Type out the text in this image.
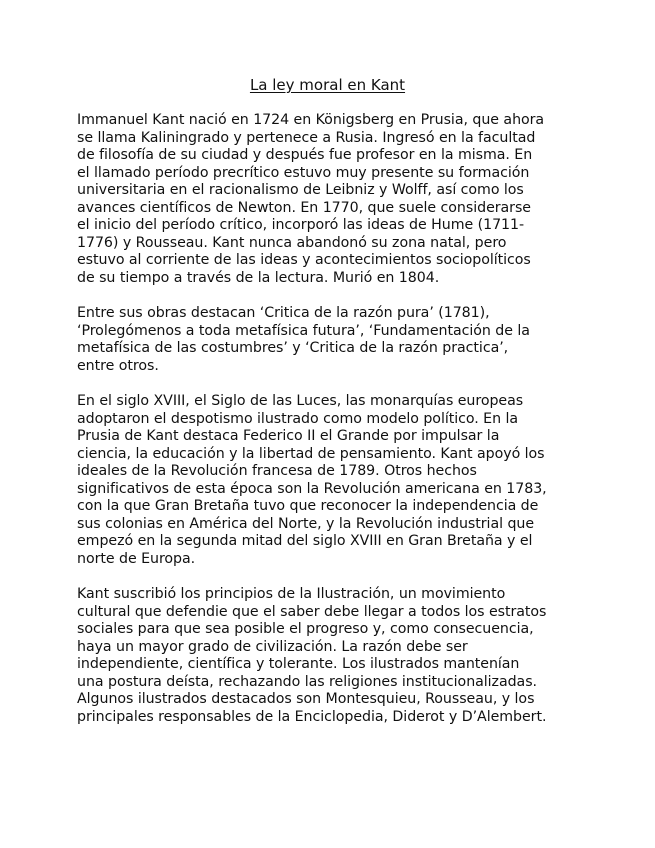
La ley moral en Kant

Immanuel Kant nació en 1724 en Königsberg en Prusia, que ahora
se llama Kaliningrado y pertenece a Rusia. Ingresó en la facultad
de filosofía de su ciudad y después fue profesor en la misma. En
el llamado período precrítico estuvo muy presente su formación
universitaria en el racionalismo de Leibniz y Wolff, así como los
avances científicos de Newton. En 1770, que suele considerarse
el inicio del período crítico, incorporó las ideas de Hume (1711-
1776) y Rousseau. Kant nunca abandonó su zona natal, pero
estuvo al corriente de las ideas y acontecimientos sociopolíticos
de su tiempo a través de la lectura. Murió en 1804.

Entre sus obras destacan ‘Critica de la razón pura’ (1781),
‘Prolegómenos a toda metafísica futura’, ‘Fundamentación de la
metafísica de las costumbres’ y ‘Critica de la razón practica’,
entre otros.

En el siglo XVIII, el Siglo de las Luces, las monarquías europeas
adoptaron el despotismo ilustrado como modelo político. En la
Prusia de Kant destaca Federico II el Grande por impulsar la
ciencia, la educación y la libertad de pensamiento. Kant apoyó los
ideales de la Revolución francesa de 1789. Otros hechos
significativos de esta época son la Revolución americana en 1783,
con la que Gran Bretaña tuvo que reconocer la independencia de
sus colonias en América del Norte, y la Revolución industrial que
empezó en la segunda mitad del siglo XVIII en Gran Bretaña y el
norte de Europa.

Kant suscribió los principios de la Ilustración, un movimiento
cultural que defendie que el saber debe llegar a todos los estratos
sociales para que sea posible el progreso y, como consecuencia,
haya un mayor grado de civilización. La razón debe ser
independiente, científica y tolerante. Los ilustrados mantenían
una postura deísta, rechazando las religiones institucionalizadas.
Algunos ilustrados destacados son Montesquieu, Rousseau, y los
principales responsables de la Enciclopedia, Diderot y D’Alembert.
